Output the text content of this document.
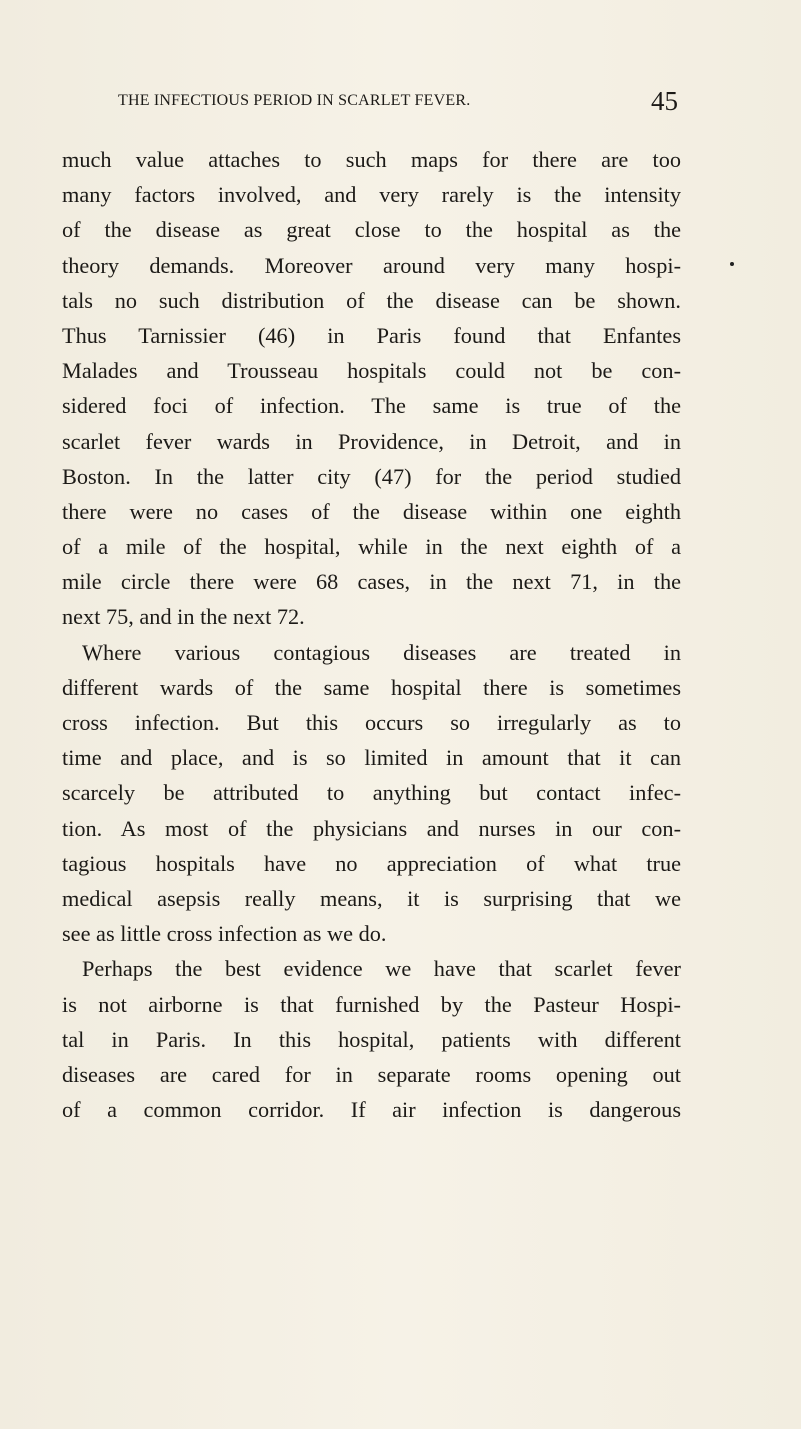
THE INFECTIOUS PERIOD IN SCARLET FEVER.	45
much value attaches to such maps for there are too
many factors involved, and very rarely is the intensity
of the disease as great close to the hospital as the
theory demands. Moreover around very many hospi-
tals no such distribution of the disease can be shown.
Thus Tarnissier (46) in Paris found that Enfantes
Malades and Trousseau hospitals could not be con-
sidered foci of infection. The same is true of the
scarlet fever wards in Providence, in Detroit, and in
Boston. In the latter city (47) for the period studied
there were no cases of the disease within one eighth
of a mile of the hospital, while in the next eighth of a
mile circle there were 68 cases, in the next 71, in the
next 75, and in the next 72.
Where various contagious diseases are treated in
different wards of the same hospital there is sometimes
cross infection. But this occurs so irregularly as to
time and place, and is so limited in amount that it can
scarcely be attributed to anything but contact infec-
tion. As most of the physicians and nurses in our con-
tagious hospitals have no appreciation of what true
medical asepsis really means, it is surprising that we
see as little cross infection as we do.
Perhaps the best evidence we have that scarlet fever
is not airborne is that furnished by the Pasteur Hospi-
tal in Paris. In this hospital, patients with different
diseases are cared for in separate rooms opening out
of a common corridor. If air infection is dangerous
